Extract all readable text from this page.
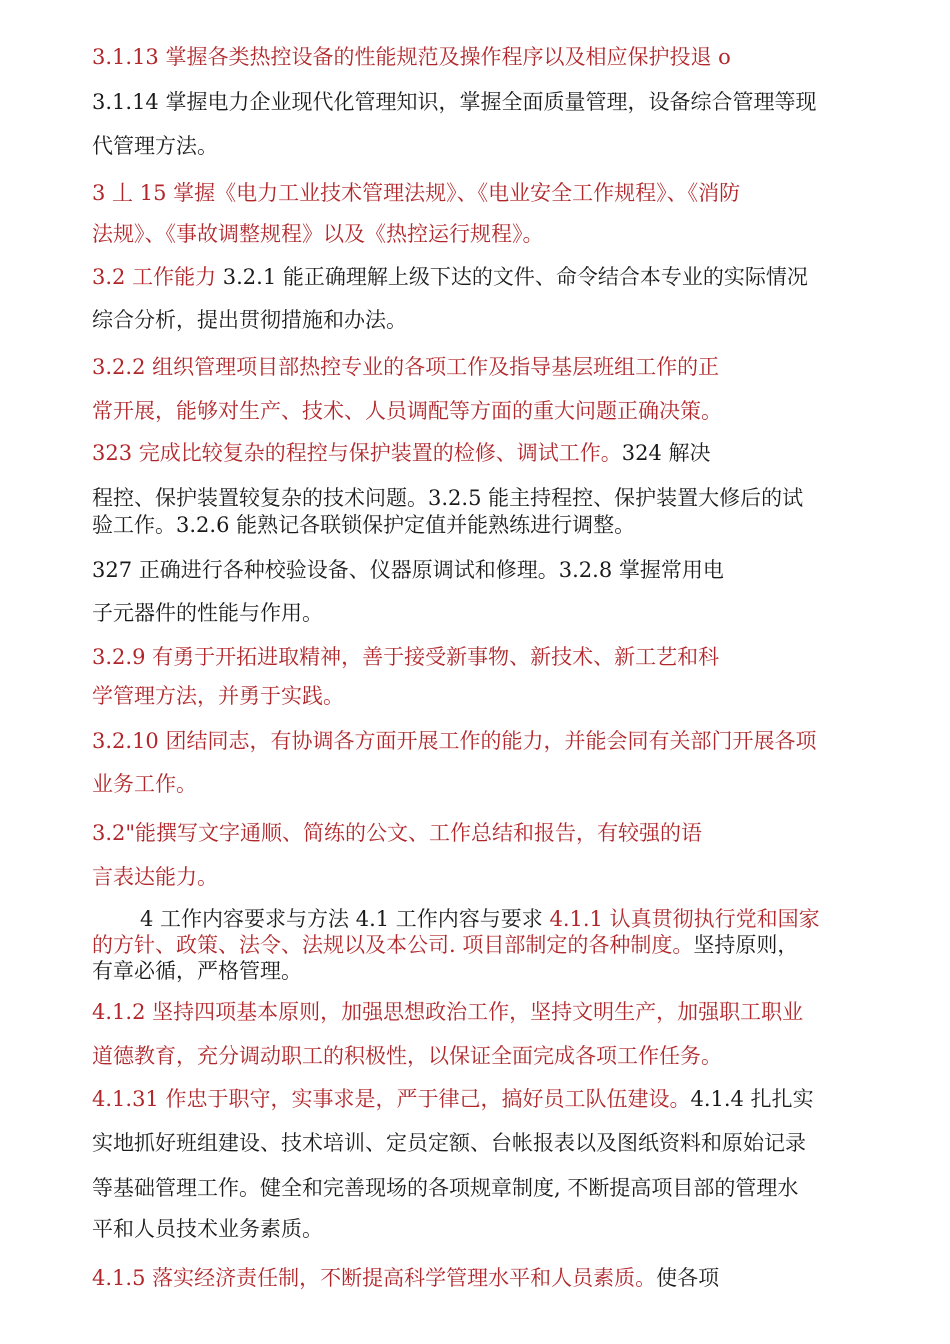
3.1.13 掌握各类热控设备的性能规范及操作程序以及相应保护投退 o
3.1.14 掌握电力企业现代化管理知识，掌握全面质量管理，设备综合管理等现
代管理方法。
3 丄 15 掌握《电力工业技术管理法规》、《电业安全工作规程》、《消防
法规》、《事故调整规程》以及《热控运行规程》。
3.2 工作能力 3.2.1 能正确理解上级下达的文件、命令结合本专业的实际情况
综合分析，提出贯彻措施和办法。
3.2.2 组织管理项目部热控专业的各项工作及指导基层班组工作的正
常开展，能够对生产、技术、人员调配等方面的重大问题正确决策。
323 完成比较复杂的程控与保护装置的检修、调试工作。324 解决
程控、保护装置较复杂的技术问题。3.2.5 能主持程控、保护装置大修后的试
验工作。3.2.6 能熟记各联锁保护定值并能熟练进行调整。
327 正确进行各种校验设备、仪器原调试和修理。3.2.8 掌握常用电
子元器件的性能与作用。
3.2.9 有勇于开拓进取精神，善于接受新事物、新技术、新工艺和科
学管理方法，并勇于实践。
3.2.10 团结同志，有协调各方面开展工作的能力，并能会同有关部门开展各项
业务工作。
3.2"能撰写文字通顺、简练的公文、工作总结和报告，有较强的语
言表达能力。
4 工作内容要求与方法 4.1 工作内容与要求 4.1.1 认真贯彻执行党和国家
的方针、政策、法令、法规以及本公司. 项目部制定的各种制度。坚持原则，
有章必循，严格管理。
4.1.2 坚持四项基本原则，加强思想政治工作，坚持文明生产，加强职工职业
道德教育，充分调动职工的积极性，以保证全面完成各项工作任务。
4.1.31 作忠于职守，实事求是，严于律己，搞好员工队伍建设。4.1.4 扎扎实
实地抓好班组建设、技术培训、定员定额、台帐报表以及图纸资料和原始记录
等基础管理工作。健全和完善现场的各项规章制度, 不断提高项目部的管理水
平和人员技术业务素质。
4.1.5 落实经济责任制，不断提高科学管理水平和人员素质。使各项
